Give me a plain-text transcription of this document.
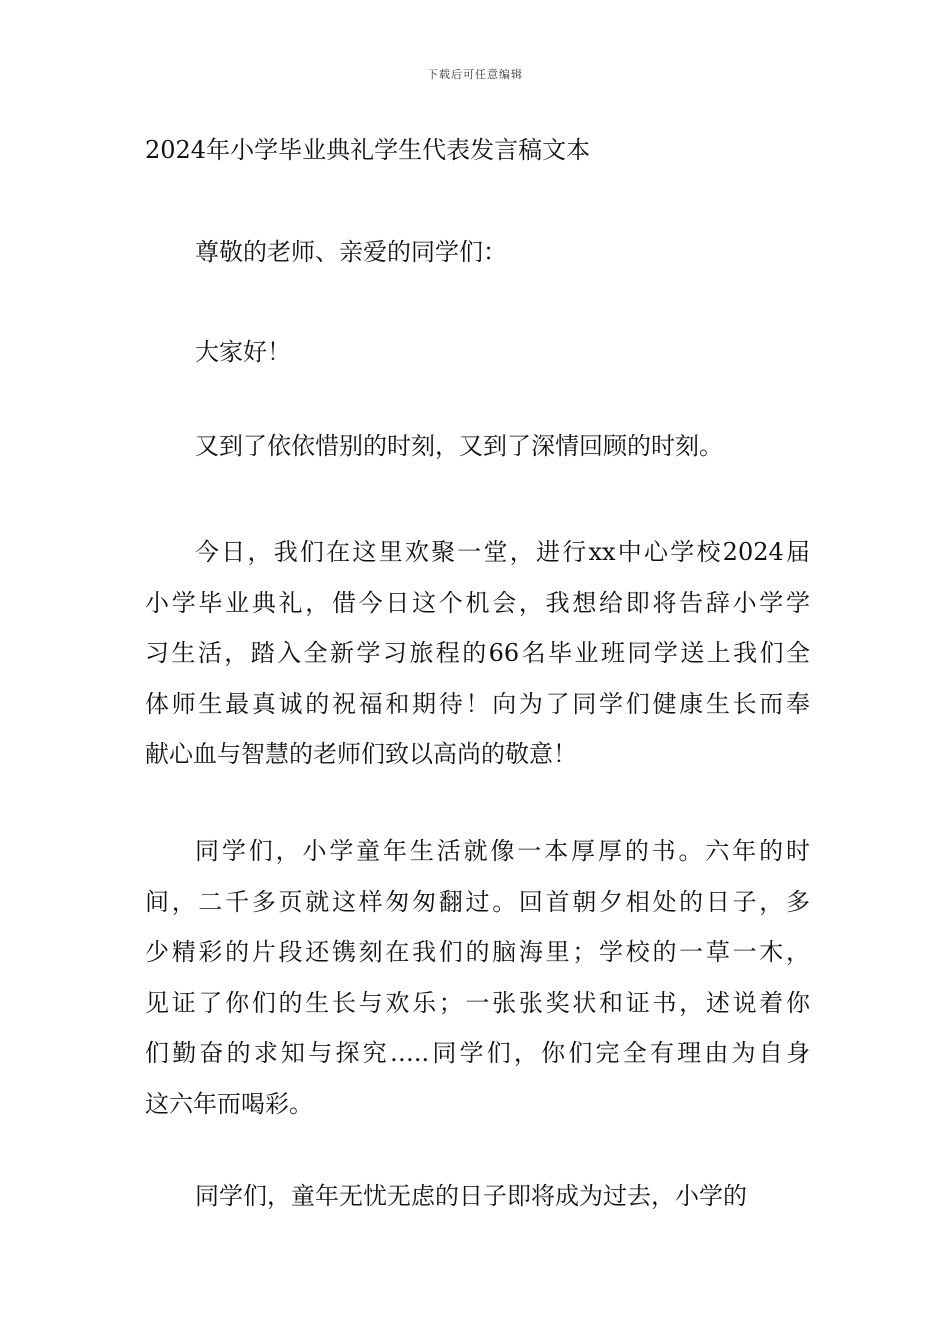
下载后可任意编辑
2024年小学毕业典礼学生代表发言稿文本

尊敬的老师、亲爱的同学们：

大家好！

又到了依依惜别的时刻，又到了深情回顾的时刻。

今日，我们在这里欢聚一堂，进行xx中心学校2024届
小学毕业典礼，借今日这个机会，我想给即将告辞小学学
习生活，踏入全新学习旅程的66名毕业班同学送上我们全
体师生最真诚的祝福和期待！向为了同学们健康生长而奉
献心血与智慧的老师们致以高尚的敬意！
同学们，小学童年生活就像一本厚厚的书。六年的时
间，二千多页就这样匆匆翻过。回首朝夕相处的日子，多
少精彩的片段还镌刻在我们的脑海里；学校的一草一木，
见证了你们的生长与欢乐；一张张奖状和证书，述说着你
们勤奋的求知与探究…..同学们，你们完全有理由为自身
这六年而喝彩。
同学们，童年无忧无虑的日子即将成为过去，小学的
